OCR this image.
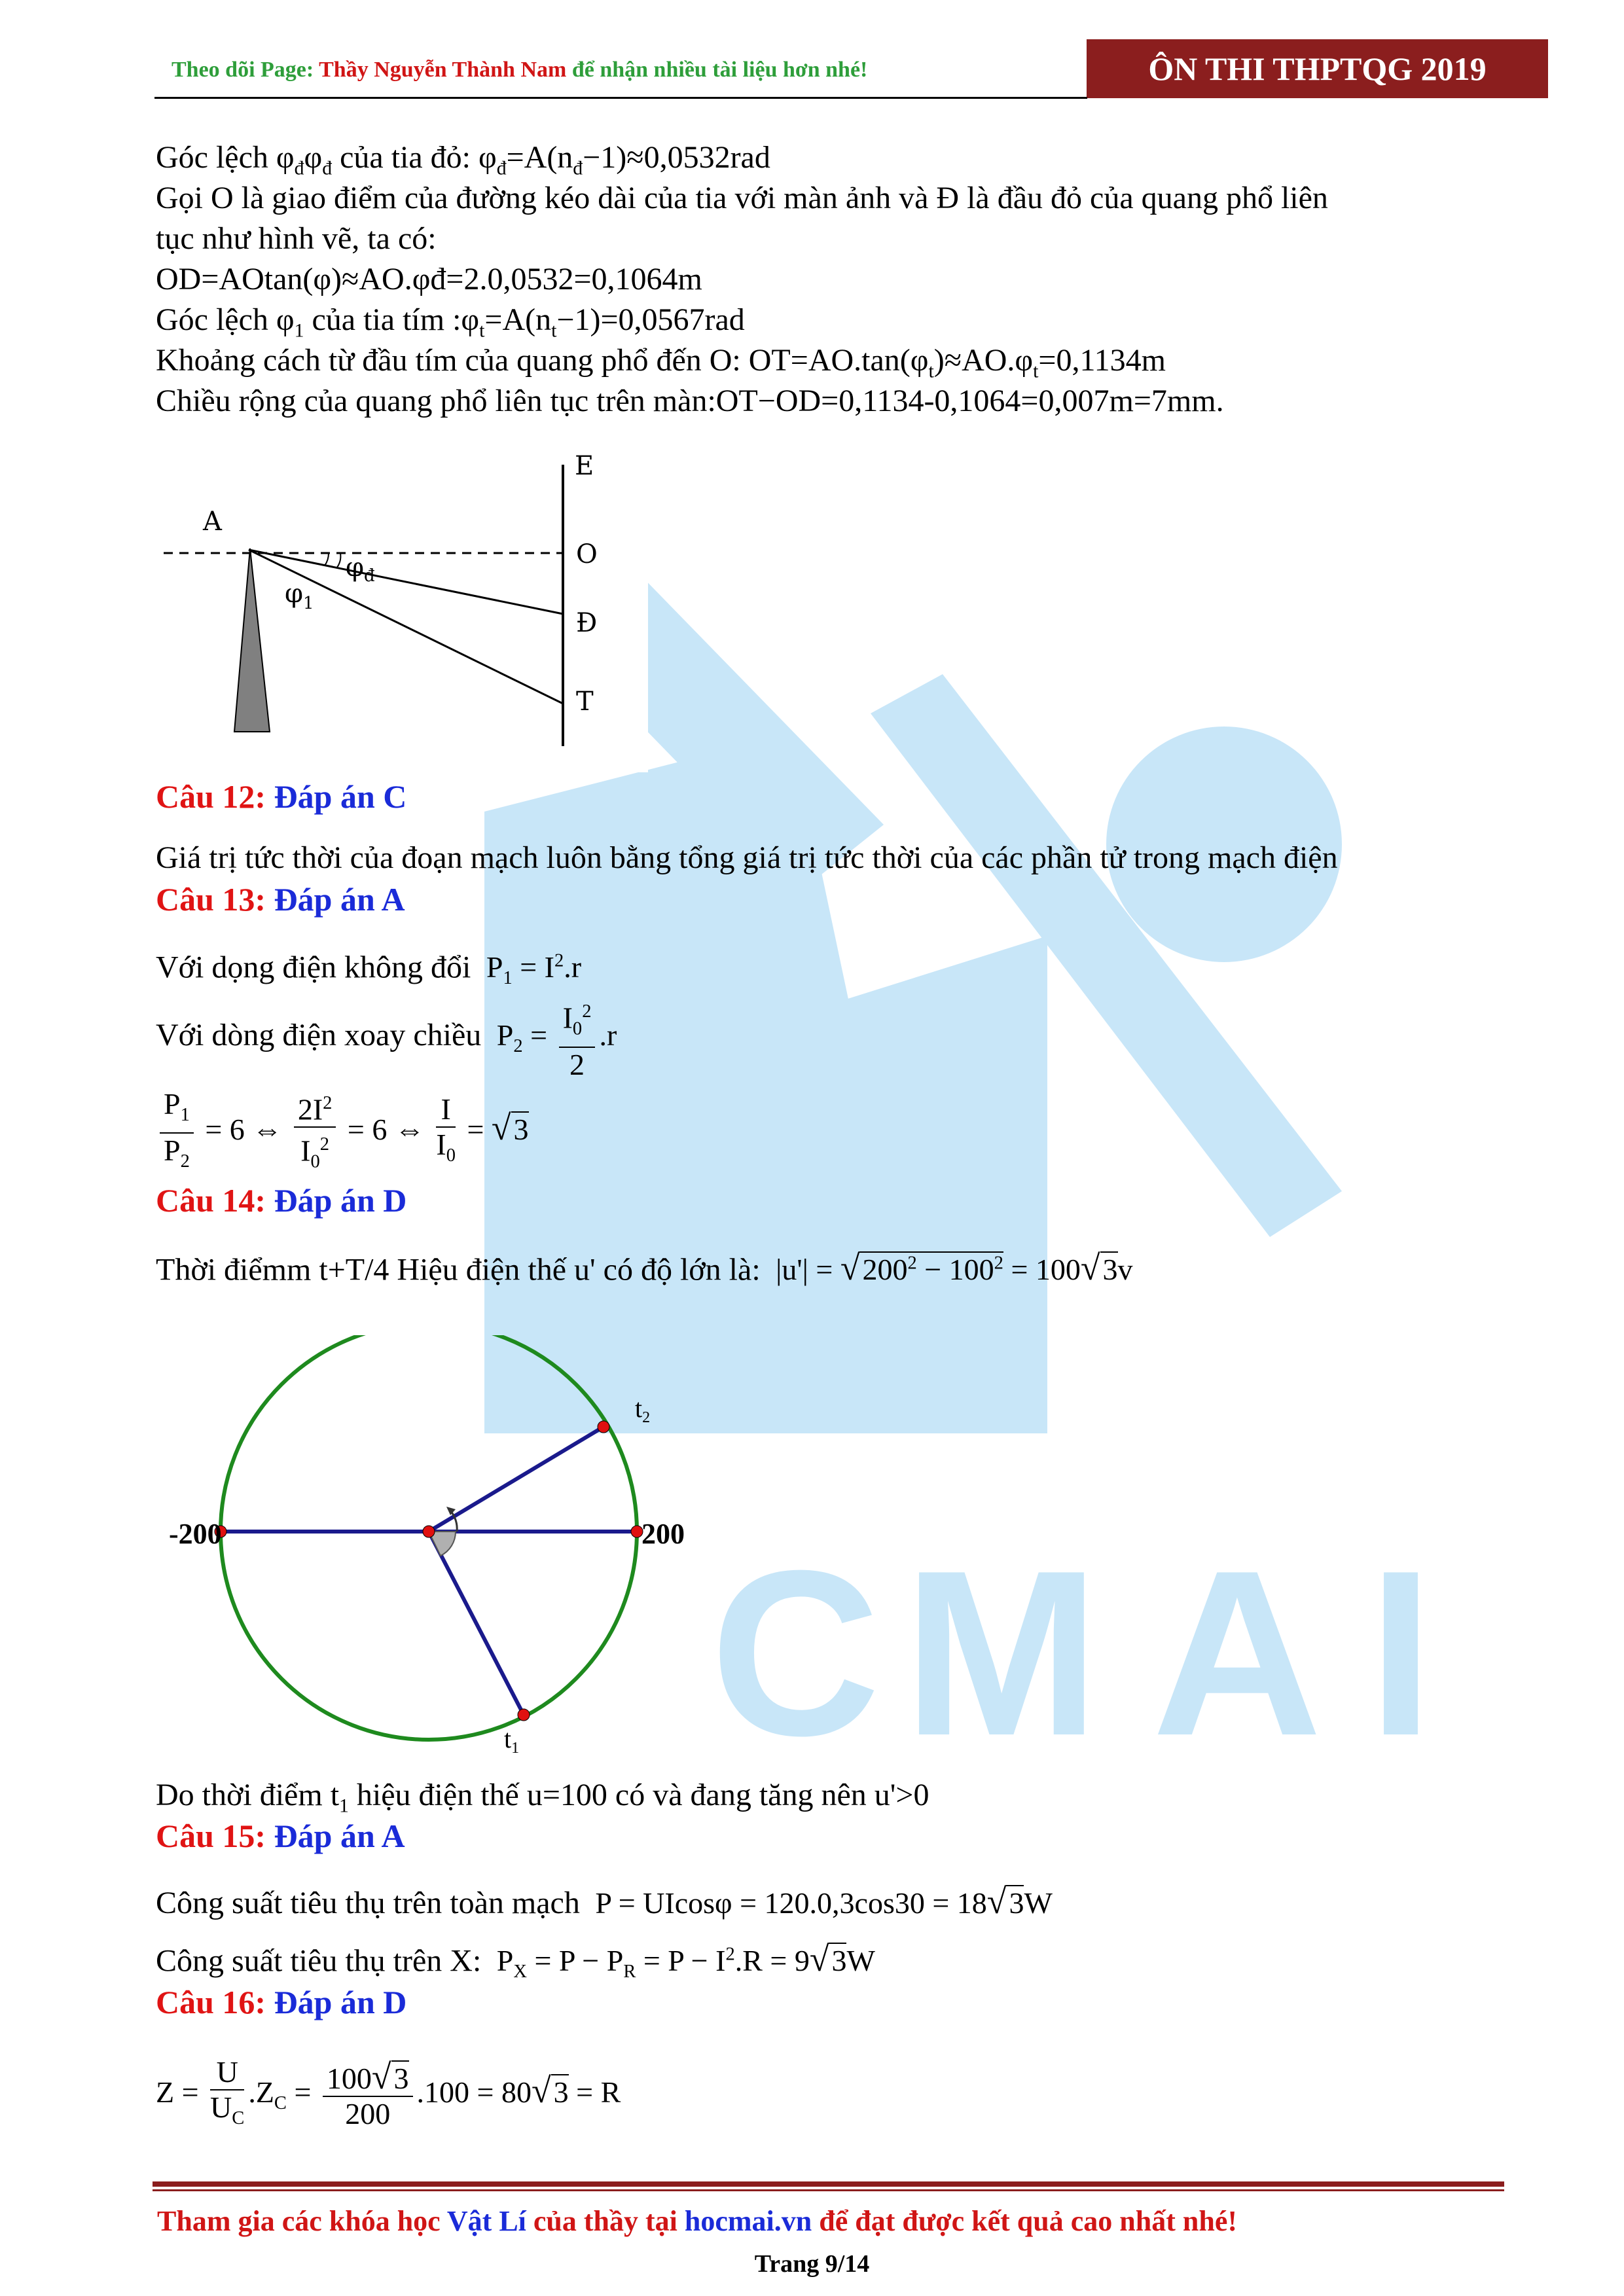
C M A I
Theo dõi Page: Thầy Nguyễn Thành Nam để nhận nhiều tài liệu hơn nhé!	ÔN THI THPTQG 2019
Góc lệch $\varphi_đ\varphi_đ$ của tia đỏ: $\varphi_đ=A(n_đ-1)\approx 0,0532rad$
Gọi O là giao điểm của đường kéo dài của tia với màn ảnh và Đ là đầu đỏ của quang phổ liên
tục như hình vẽ, ta có:
OD=AOtan(φ)≈AO.φđ=2.0,0532=0,1064m
Góc lệch $\varphi_1$ của tia tím $:\varphi_t=A(n_t-1)=0,0567rad$
Khoảng cách từ đầu tím của quang phổ đến O: $OT=AO.\tan(\varphi_t)\approx AO.\varphi_t=0,1134m$
Chiều rộng của quang phổ liên tục trên màn:OT−OD=0,1134-0,1064=0,007m=7mm.
E
A
O
Đ
T
$\varphi_đ$
$\varphi_1$
Câu 12: Đáp án C
Giá trị tức thời của đoạn mạch luôn bằng tổng giá trị tức thời của các phần tử trong mạch điện
Câu 13: Đáp án A
Với dọng điện không đổi  $P_1 = I^2.r$
Với dòng điện xoay chiều  $P_2 = \frac{I_0^2}{2} .r$
$\frac{P_1}{P_2} = 6$ ⇔ $\frac{2I^2}{I_0^2} = 6$ ⇔ $\frac{I}{I_0} = √3$
Câu 14: Đáp án D
Thời điểmm t+T/4 Hiệu điện thế u' có độ lớn là:  $|u'| = √200^2 - 100^2 = 100√3v$
-200	200
$t_2$
$t_1$
Do thời điểm $t_1$ hiệu điện thế u=100 có và đang tăng nên u'>0
Câu 15: Đáp án A
Công suất tiêu thụ trên toàn mạch  P = UIcosφ = 120.0,3cos30 = 18√3W
Công suất tiêu thụ trên X:  $P_X = P - P_R = P - I^2.R = 9√3W$
Câu 16: Đáp án D
$Z = \frac{U}{U_C} .Z_C = \frac{100√3}{200} .100 = 80√3 = R$
Tham gia các khóa học Vật Lí của thầy tại hocmai.vn để đạt được kết quả cao nhất nhé!
Trang 9/14
